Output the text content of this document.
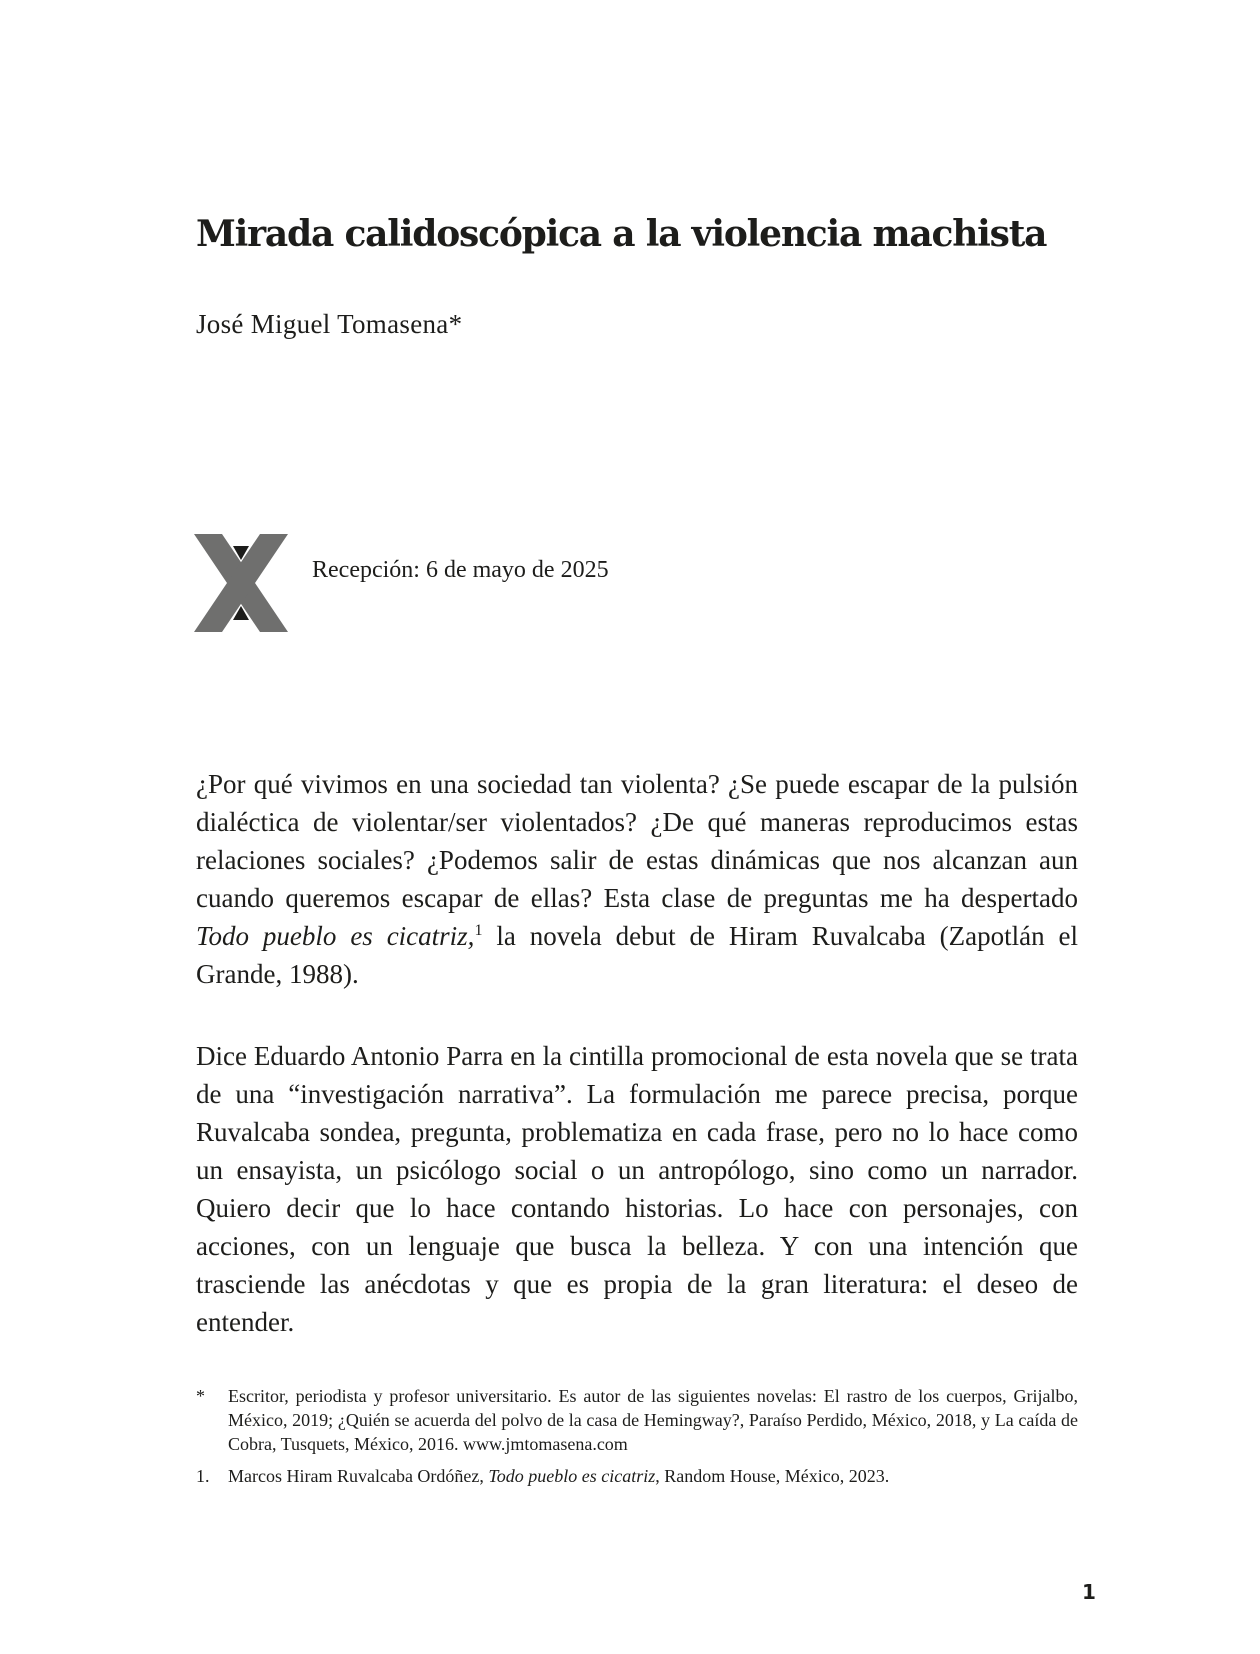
Mirada calidoscópica a la violencia machista
José Miguel Tomasena*
Recepción: 6 de mayo de 2025

¿Por qué vivimos en una sociedad tan violenta? ¿Se puede escapar de la pulsión dialéctica de violentar/ser violentados? ¿De qué maneras reproducimos estas relaciones sociales? ¿Podemos salir de estas dinámicas que nos alcanzan aun cuando queremos escapar de ellas? Esta clase de preguntas me ha despertado Todo pueblo es cicatriz,$^1$ la novela debut de Hiram Ruvalcaba (Zapotlán el Grande, 1988).

Dice Eduardo Antonio Parra en la cintilla promocional de esta novela que se trata de una “investigación narrativa”. La formulación me parece precisa, porque Ruvalcaba sondea, pregunta, problematiza en cada frase, pero no lo hace como un ensayista, un psicólogo social o un antropólogo, sino como un narrador. Quiero decir que lo hace contando historias. Lo hace con personajes, con acciones, con un lenguaje que busca la belleza. Y con una intención que trasciende las anécdotas y que es propia de la gran literatura: el deseo de entender.

*	Escritor, periodista y profesor universitario. Es autor de las siguientes novelas: El rastro de los cuerpos, Grijalbo, México, 2019; ¿Quién se acuerda del polvo de la casa de Hemingway?, Paraíso Perdido, México, 2018, y La caída de Cobra, Tusquets, México, 2016. www.jmtomasena.com
1.	Marcos Hiram Ruvalcaba Ordóñez, Todo pueblo es cicatriz, Random House, México, 2023.
1
